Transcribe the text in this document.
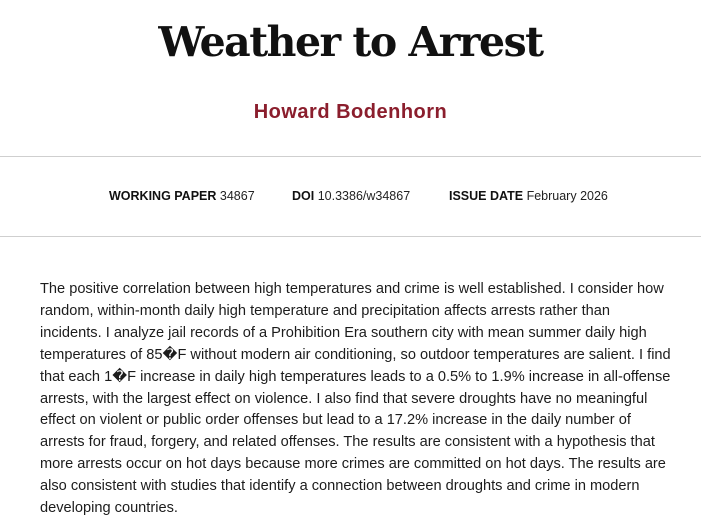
Weather to Arrest
Howard Bodenhorn
WORKING PAPER 34867	DOI 10.3386/w34867	ISSUE DATE February 2026

The positive correlation between high temperatures and crime is well established. I consider how random, within-month daily high temperature and precipitation affects arrests rather than incidents. I analyze jail records of a Prohibition Era southern city with mean summer daily high temperatures of 85�F without modern air conditioning, so outdoor temperatures are salient. I find that each 1�F increase in daily high temperatures leads to a 0.5% to 1.9% increase in all-offense arrests, with the largest effect on violence. I also find that severe droughts have no meaningful effect on violent or public order offenses but lead to a 17.2% increase in the daily number of arrests for fraud, forgery, and related offenses. The results are consistent with a hypothesis that more arrests occur on hot days because more crimes are committed on hot days. The results are also consistent with studies that identify a connection between droughts and crime in modern developing countries.
